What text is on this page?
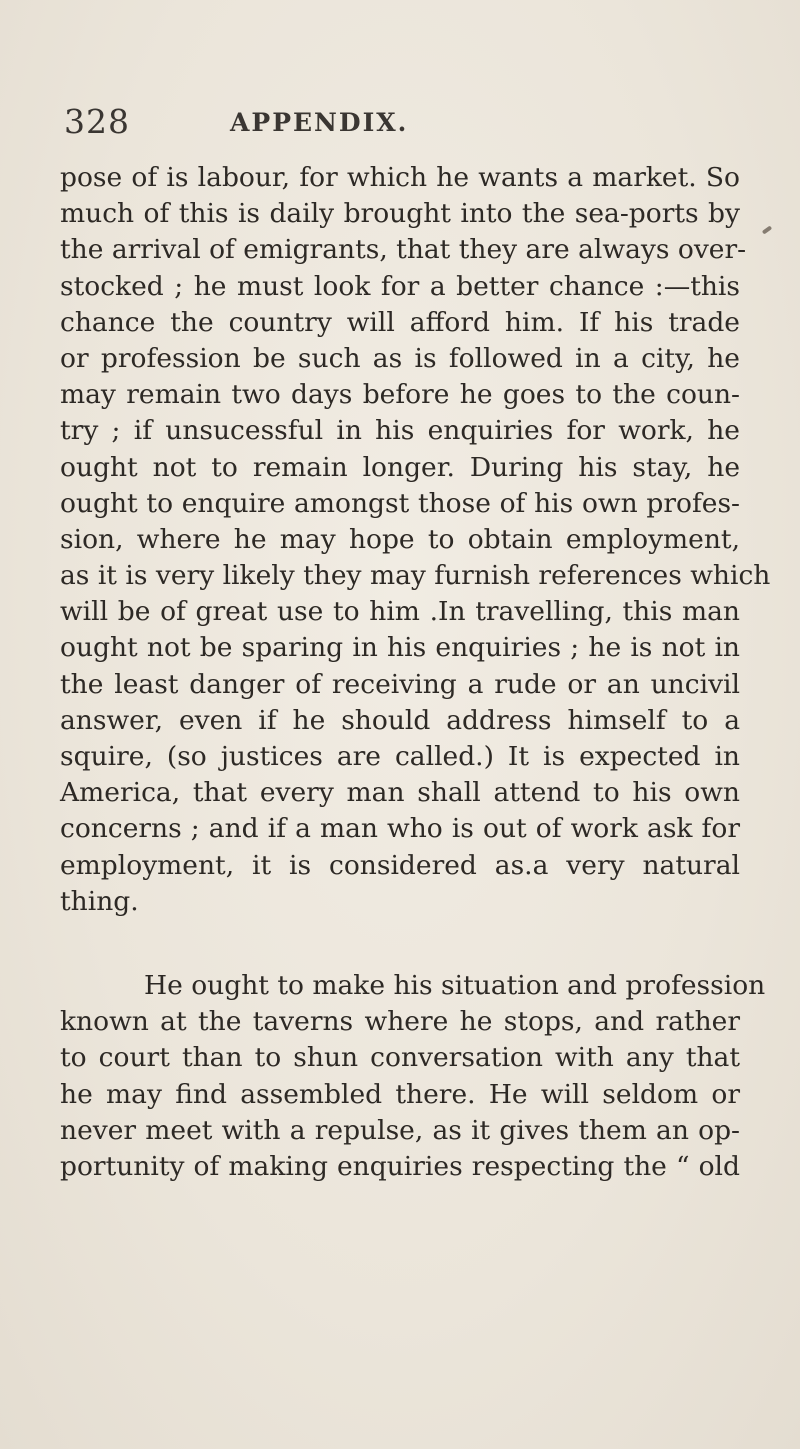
328	APPENDIX.
pose of is labour, for which he wants a market. So
much of this is daily brought into the sea-ports by
the arrival of emigrants, that they are always over-
stocked ; he must look for a better chance :—this
chance the country will afford him. If his trade
or profession be such as is followed in a city, he
may remain two days before he goes to the coun-
try ; if unsucessful in his enquiries for work, he
ought not to remain longer. During his stay, he
ought to enquire amongst those of his own profes-
sion, where he may hope to obtain employment,
as it is very likely they may furnish references which
will be of great use to him .In travelling, this man
ought not be sparing in his enquiries ; he is not in
the least danger of receiving a rude or an uncivil
answer, even if he should address himself to a
squire, (so justices are called.) It is expected in
America, that every man shall attend to his own
concerns ; and if a man who is out of work ask for
employment, it is considered as.a very natural
thing.
He ought to make his situation and profession
known at the taverns where he stops, and rather
to court than to shun conversation with any that
he may find assembled there. He will seldom or
never meet with a repulse, as it gives them an op-
portunity of making enquiries respecting the “ old
